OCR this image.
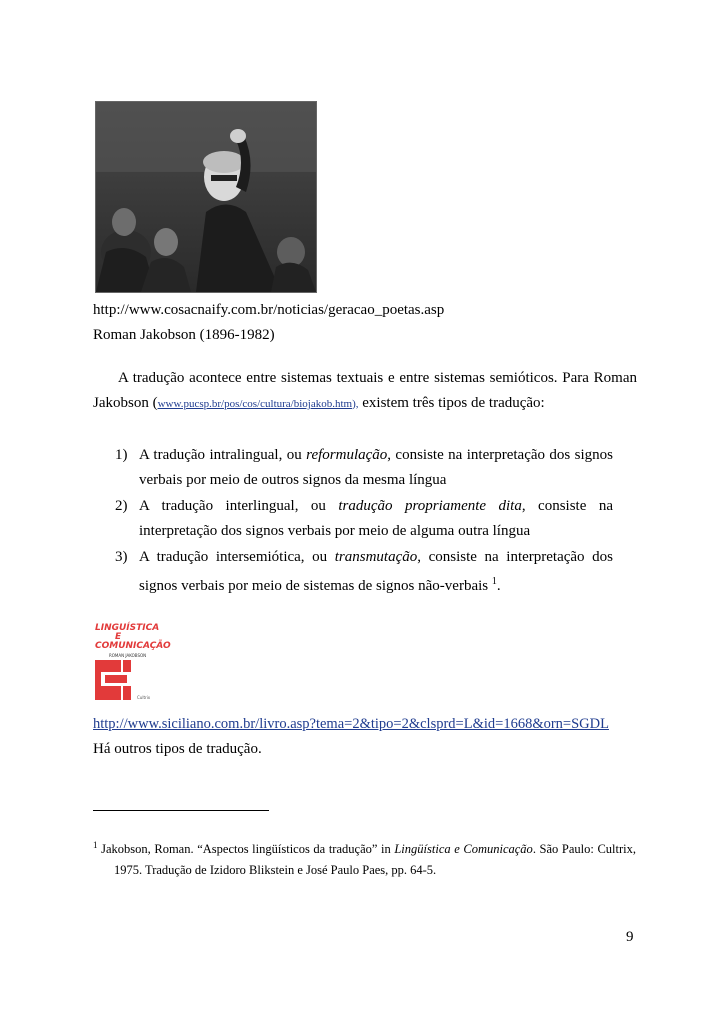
http://www.cosacnaify.com.br/noticias/geracao_poetas.asp
Roman Jakobson (1896-1982)
A tradução acontece entre sistemas textuais e entre sistemas semióticos. Para Roman
Jakobson (www.pucsp.br/pos/cos/cultura/biojakob.htm), existem três tipos de tradução:
1) A tradução intralingual, ou reformulação, consiste na interpretação dos signos
verbais por meio de outros signos da mesma língua
2) A tradução interlingual, ou tradução propriamente dita, consiste na
interpretação dos signos verbais por meio de alguma outra língua
3) A tradução intersemiótica, ou transmutação, consiste na interpretação dos
signos verbais por meio de sistemas de signos não-verbais $^1$.
LINGUÍSTICA
E
COMUNICAÇÃO
ROMAN JAKOBSON
Cultrix
http://www.siciliano.com.br/livro.asp?tema=2&tipo=2&clsprd=L&id=1668&orn=SGDL
Há outros tipos de tradução.
$^1$ Jakobson, Roman. “Aspectos lingüísticos da tradução” in Lingüística e Comunicação. São Paulo: Cultrix,
1975. Tradução de Izidoro Blikstein e José Paulo Paes, pp. 64-5.
9
